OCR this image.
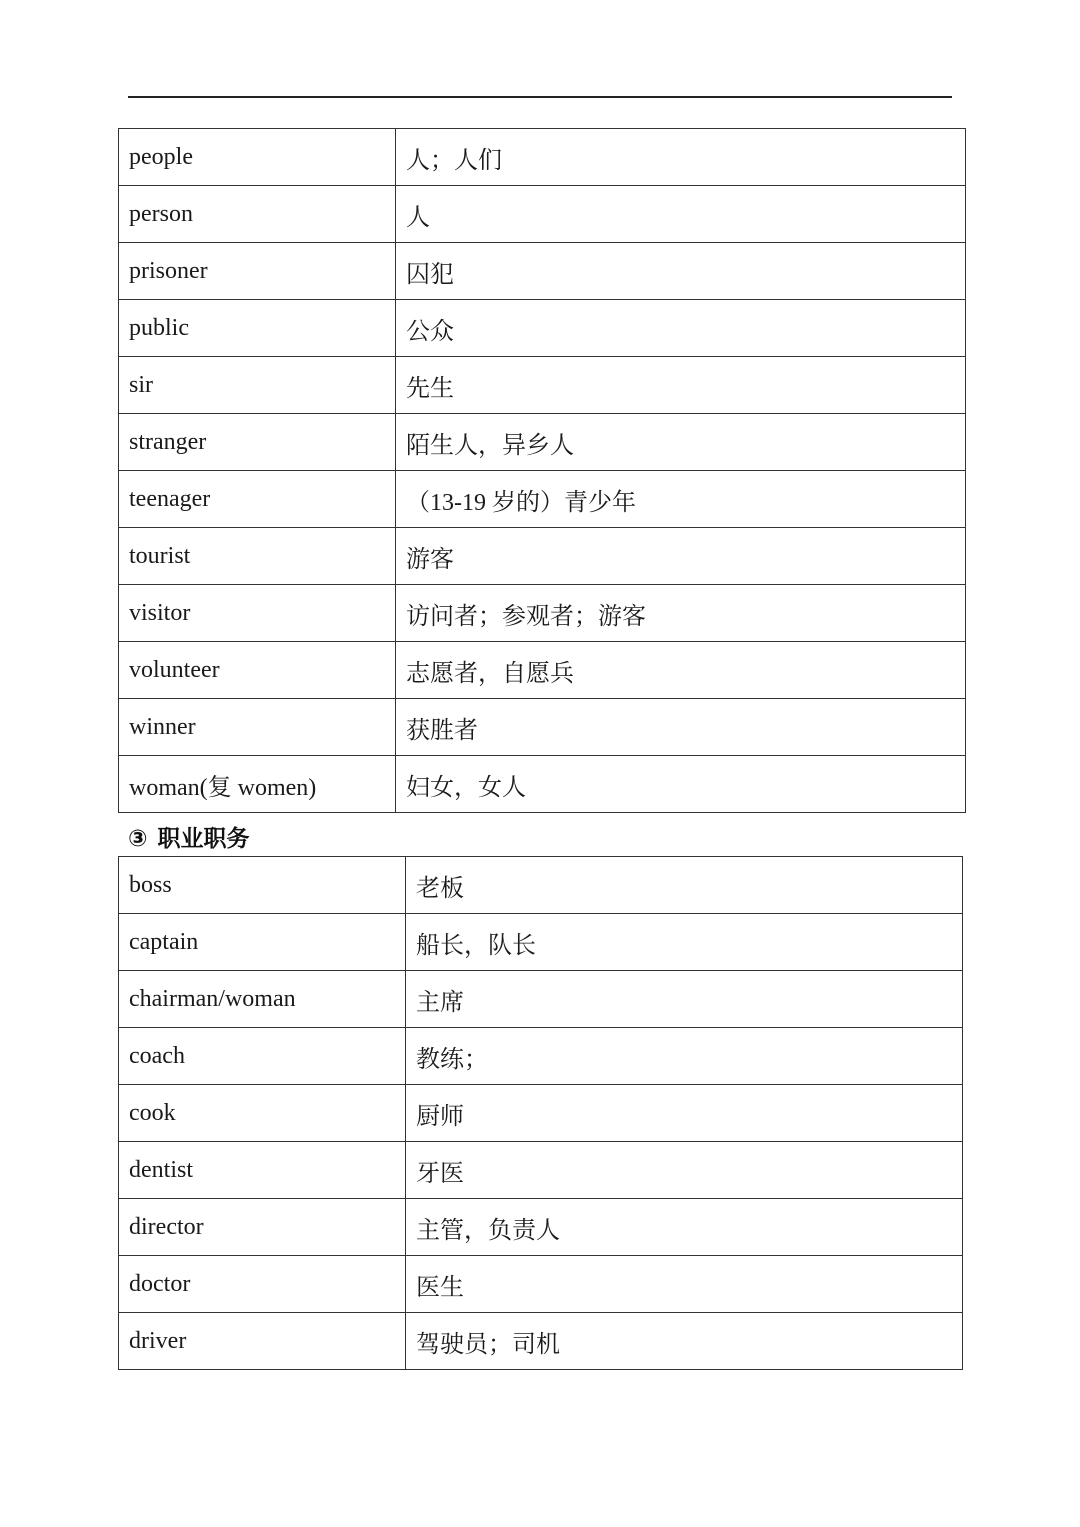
people	人；人们
person	人
prisoner	囚犯
public	公众
sir	先生
stranger	陌生人，异乡人
teenager	（13-19 岁的）青少年
tourist	游客
visitor	访问者；参观者；游客
volunteer	志愿者，自愿兵
winner	获胜者
woman(复 women)	妇女，女人
③ 职业职务
boss	老板
captain	船长，队长
chairman/woman	主席
coach	教练；
cook	厨师
dentist	牙医
director	主管，负责人
doctor	医生
driver	驾驶员；司机
